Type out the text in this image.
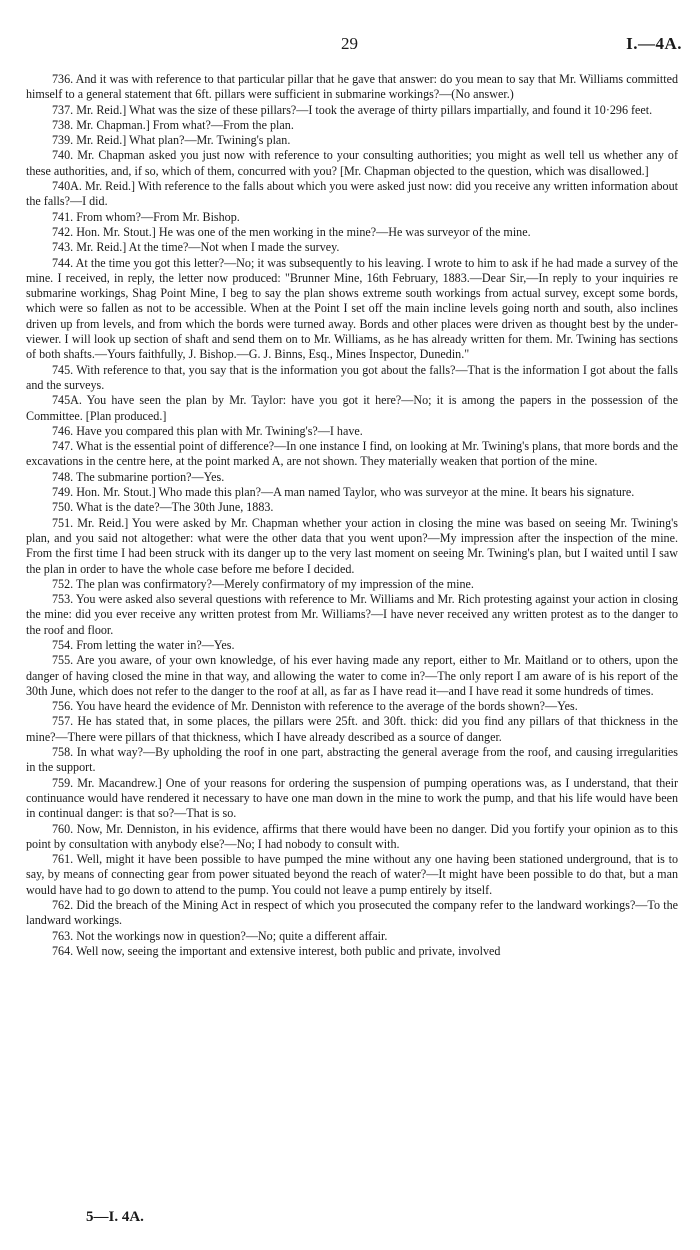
29	I.—4A.

736. And it was with reference to that particular pillar that he gave that answer: do you mean to say that Mr. Williams committed himself to a general statement that 6ft. pillars were sufficient in submarine workings?—(No answer.)

737. Mr. Reid.] What was the size of these pillars?—I took the average of thirty pillars impartially, and found it 10·296 feet.

738. Mr. Chapman.] From what?—From the plan.

739. Mr. Reid.] What plan?—Mr. Twining's plan.

740. Mr. Chapman asked you just now with reference to your consulting authorities; you might as well tell us whether any of these authorities, and, if so, which of them, concurred with you? [Mr. Chapman objected to the question, which was disallowed.]

740A. Mr. Reid.] With reference to the falls about which you were asked just now: did you receive any written information about the falls?—I did.

741. From whom?—From Mr. Bishop.

742. Hon. Mr. Stout.] He was one of the men working in the mine?—He was surveyor of the mine.

743. Mr. Reid.] At the time?—Not when I made the survey.

744. At the time you got this letter?—No; it was subsequently to his leaving. I wrote to him to ask if he had made a survey of the mine. I received, in reply, the letter now produced: "Brunner Mine, 16th February, 1883.—Dear Sir,—In reply to your inquiries re submarine workings, Shag Point Mine, I beg to say the plan shows extreme south workings from actual survey, except some bords, which were so fallen as not to be accessible. When at the Point I set off the main incline levels going north and south, also inclines driven up from levels, and from which the bords were turned away. Bords and other places were driven as thought best by the under-viewer. I will look up section of shaft and send them on to Mr. Williams, as he has already written for them. Mr. Twining has sections of both shafts.—Yours faithfully, J. Bishop.—G. J. Binns, Esq., Mines Inspector, Dunedin."

745. With reference to that, you say that is the information you got about the falls?—That is the information I got about the falls and the surveys.

745A. You have seen the plan by Mr. Taylor: have you got it here?—No; it is among the papers in the possession of the Committee. [Plan produced.]

746. Have you compared this plan with Mr. Twining's?—I have.

747. What is the essential point of difference?—In one instance I find, on looking at Mr. Twining's plans, that more bords and the excavations in the centre here, at the point marked A, are not shown. They materially weaken that portion of the mine.

748. The submarine portion?—Yes.

749. Hon. Mr. Stout.] Who made this plan?—A man named Taylor, who was surveyor at the mine. It bears his signature.

750. What is the date?—The 30th June, 1883.

751. Mr. Reid.] You were asked by Mr. Chapman whether your action in closing the mine was based on seeing Mr. Twining's plan, and you said not altogether: what were the other data that you went upon?—My impression after the inspection of the mine. From the first time I had been struck with its danger up to the very last moment on seeing Mr. Twining's plan, but I waited until I saw the plan in order to have the whole case before me before I decided.

752. The plan was confirmatory?—Merely confirmatory of my impression of the mine.

753. You were asked also several questions with reference to Mr. Williams and Mr. Rich protesting against your action in closing the mine: did you ever receive any written protest from Mr. Williams?—I have never received any written protest as to the danger to the roof and floor.

754. From letting the water in?—Yes.

755. Are you aware, of your own knowledge, of his ever having made any report, either to Mr. Maitland or to others, upon the danger of having closed the mine in that way, and allowing the water to come in?—The only report I am aware of is his report of the 30th June, which does not refer to the danger to the roof at all, as far as I have read it—and I have read it some hundreds of times.

756. You have heard the evidence of Mr. Denniston with reference to the average of the bords shown?—Yes.

757. He has stated that, in some places, the pillars were 25ft. and 30ft. thick: did you find any pillars of that thickness in the mine?—There were pillars of that thickness, which I have already described as a source of danger.

758. In what way?—By upholding the roof in one part, abstracting the general average from the roof, and causing irregularities in the support.

759. Mr. Macandrew.] One of your reasons for ordering the suspension of pumping operations was, as I understand, that their continuance would have rendered it necessary to have one man down in the mine to work the pump, and that his life would have been in continual danger: is that so?—That is so.

760. Now, Mr. Denniston, in his evidence, affirms that there would have been no danger. Did you fortify your opinion as to this point by consultation with anybody else?—No; I had nobody to consult with.

761. Well, might it have been possible to have pumped the mine without any one having been stationed underground, that is to say, by means of connecting gear from power situated beyond the reach of water?—It might have been possible to do that, but a man would have had to go down to attend to the pump. You could not leave a pump entirely by itself.

762. Did the breach of the Mining Act in respect of which you prosecuted the company refer to the landward workings?—To the landward workings.

763. Not the workings now in question?—No; quite a different affair.

764. Well now, seeing the important and extensive interest, both public and private, involved

5—I. 4A.
